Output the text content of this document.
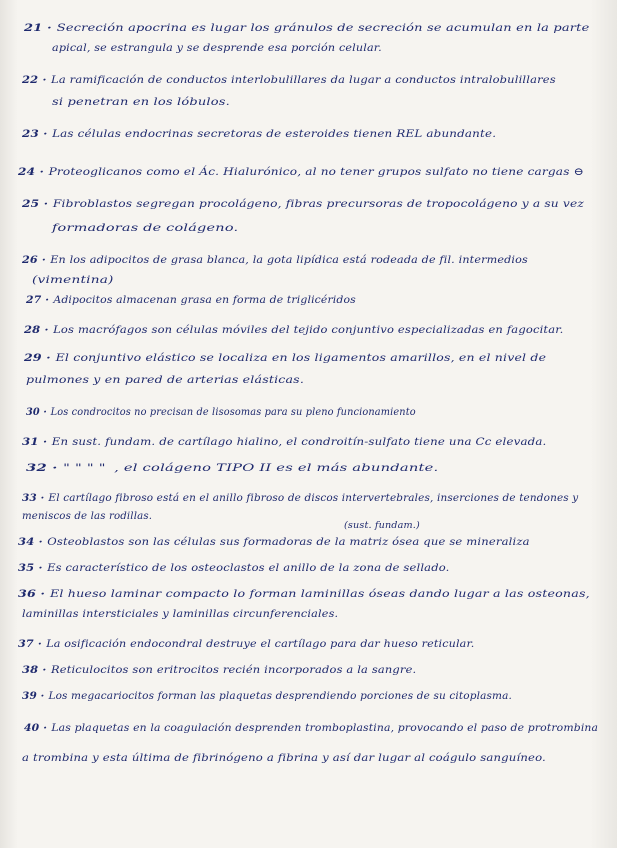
21 · Secreción apocrina es lugar los gránulos de secreción se acumulan en la parte
apical, se estrangula y se desprende esa porción celular.
22 · La ramificación de conductos interlobulillares da lugar a conductos intralobulillares
si penetran en los lóbulos.
23 · Las células endocrinas secretoras de esteroides tienen REL abundante.
24 · Proteoglicanos como el Ác. Hialurónico, al no tener grupos sulfato no tiene cargas ⊖
25 · Fibroblastos segregan procolágeno, fibras precursoras de tropocolágeno y a su vez
formadoras de colágeno.
26 · En los adipocitos de grasa blanca, la gota lipídica está rodeada de fil. intermedios
(vimentina)
27 · Adipocitos almacenan grasa en forma de triglicéridos
28 · Los macrófagos son células móviles del tejido conjuntivo especializadas en fagocitar.
29 · El conjuntivo elástico se localiza en los ligamentos amarillos, en el nivel de
pulmones y en pared de arterias elásticas.
30 · Los condrocitos no precisan de lisosomas para su pleno funcionamiento
31 · En sust. fundam. de cartílago hialino, el condroitín-sulfato tiene una Cc elevada.
32 · " " " " , el colágeno TIPO II es el más abundante.
33 · El cartílago fibroso está en el anillo fibroso de discos intervertebrales, inserciones de tendones y
meniscos de las rodillas.
34 · Osteoblastos son las células sus formadoras de la matriz ósea que se mineraliza
(sust. fundam.)
35 · Es característico de los osteoclastos el anillo de la zona de sellado.
36 · El hueso laminar compacto lo forman laminillas óseas dando lugar a las osteonas,
laminillas intersticiales y laminillas circunferenciales.
37 · La osificación endocondral destruye el cartílago para dar hueso reticular.
38 · Reticulocitos son eritrocitos recién incorporados a la sangre.
39 · Los megacariocitos forman las plaquetas desprendiendo porciones de su citoplasma.
40 · Las plaquetas en la coagulación desprenden tromboplastina, provocando el paso de protrombina
a trombina y esta última de fibrinógeno a fibrina y así dar lugar al coágulo sanguíneo.
